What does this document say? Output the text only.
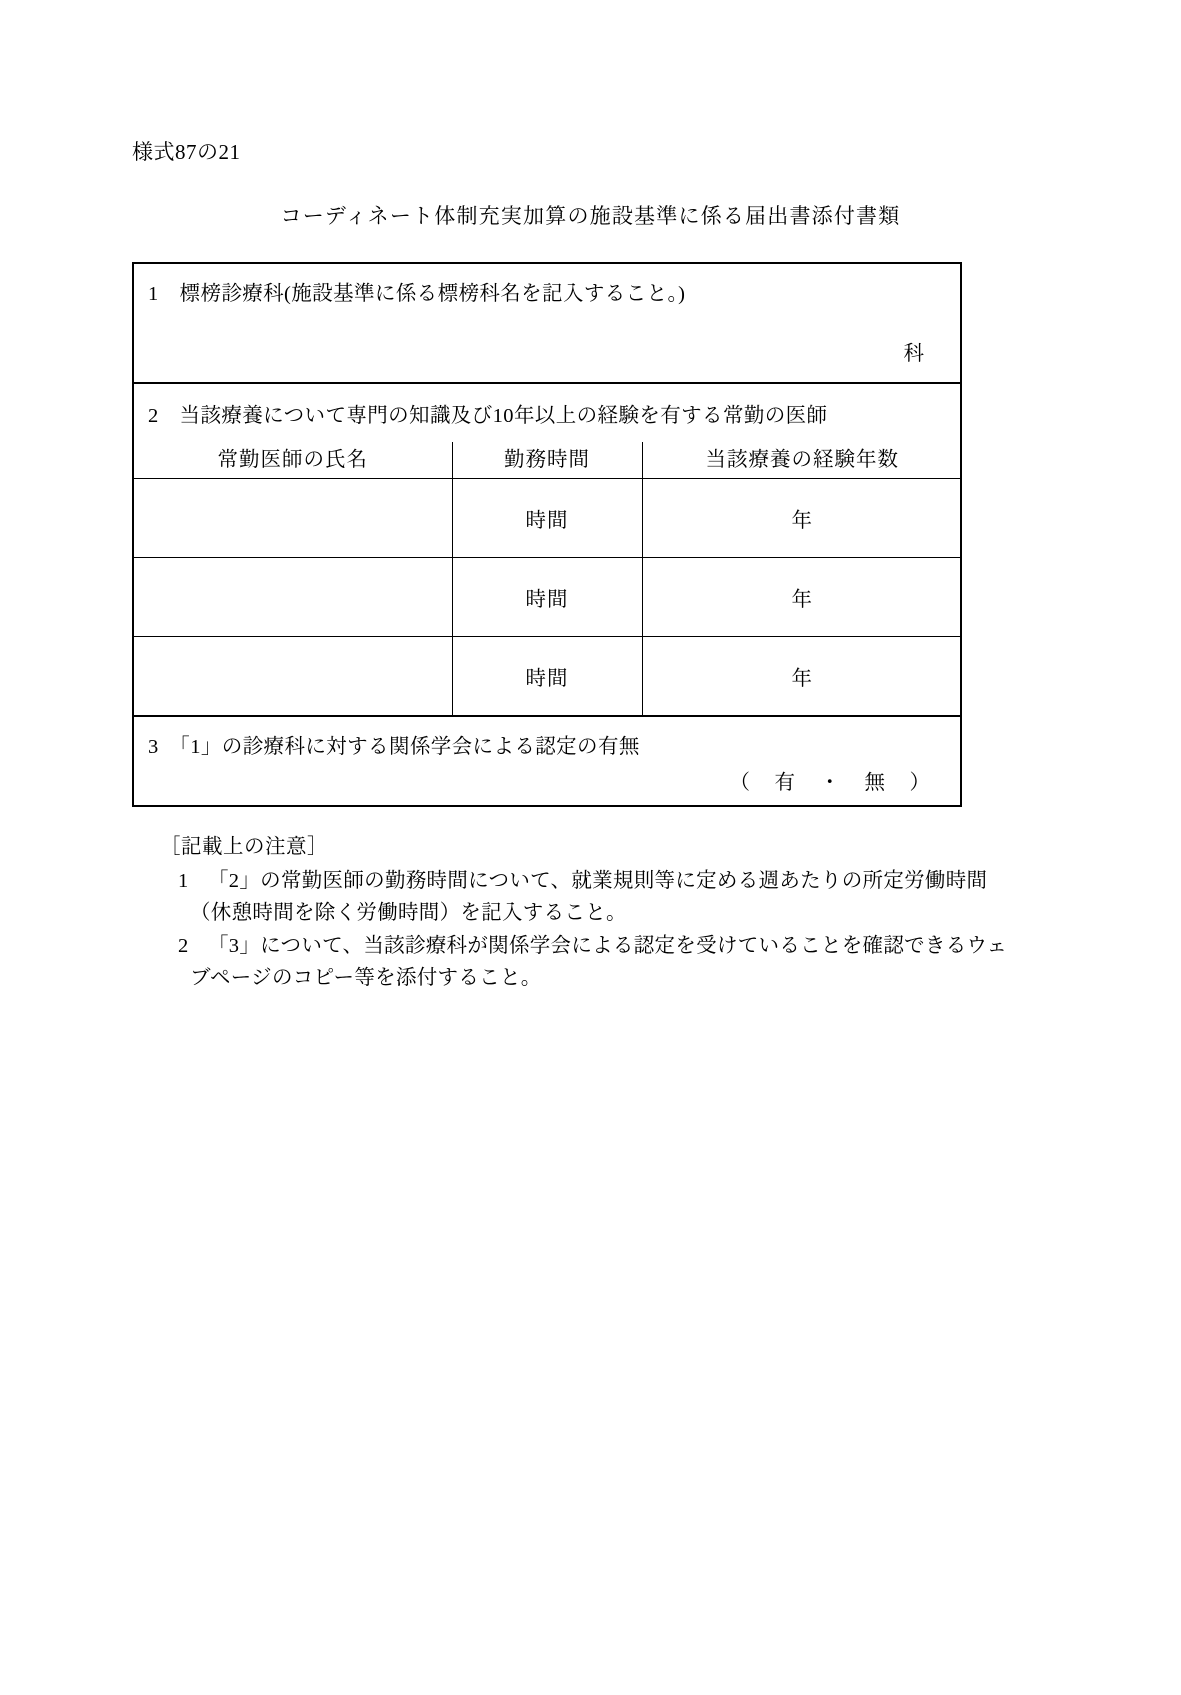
様式87の21
コーディネート体制充実加算の施設基準に係る届出書添付書類
1　標榜診療科(施設基準に係る標榜科名を記入すること。)
科

2　当該療養について専門の知識及び10年以上の経験を有する常勤の医師

常勤医師の氏名	勤務時間	当該療養の経験年数
	時間	年
	時間	年
	時間	年

3　「1」の診療科に対する関係学会による認定の有無
（　有　・　無　）
［記載上の注意］
1 「2」の常勤医師の勤務時間について、就業規則等に定める週あたりの所定労働時間
（休憩時間を除く労働時間）を記入すること。
2 「3」について、当該診療科が関係学会による認定を受けていることを確認できるウェ
ブページのコピー等を添付すること。
